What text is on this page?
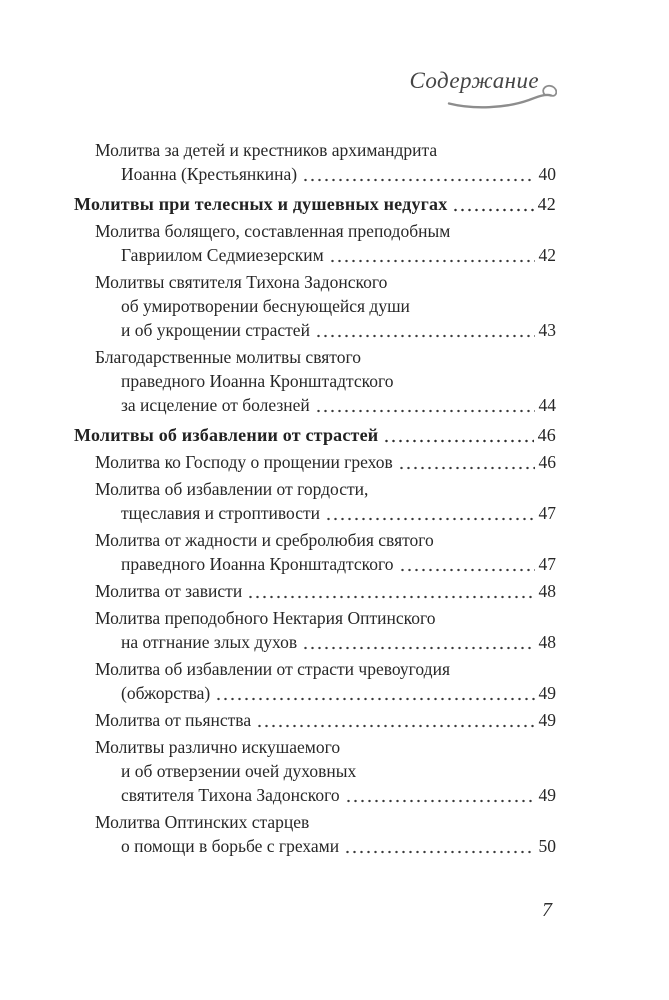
Содержание
Молитва за детей и крестников архимандрита
Иоанна (Крестьянкина)	40
Молитвы при телесных и душевных недугах	42
Молитва болящего, составленная преподобным
Гавриилом Седмиезерским	42
Молитвы святителя Тихона Задонского
об умиротворении беснующейся души
и об укрощении страстей	43
Благодарственные молитвы святого
праведного Иоанна Кронштадтского
за исцеление от болезней	44
Молитвы об избавлении от страстей	46
Молитва ко Господу о прощении грехов	46
Молитва об избавлении от гордости,
тщеславия и строптивости	47
Молитва от жадности и сребролюбия святого
праведного Иоанна Кронштадтского	47
Молитва от зависти	48
Молитва преподобного Нектария Оптинского
на отгнание злых духов	48
Молитва об избавлении от страсти чревоугодия
(обжорства)	49
Молитва от пьянства	49
Молитвы различно искушаемого
и об отверзении очей духовных
святителя Тихона Задонского	49
Молитва Оптинских старцев
о помощи в борьбе с грехами	50
7
